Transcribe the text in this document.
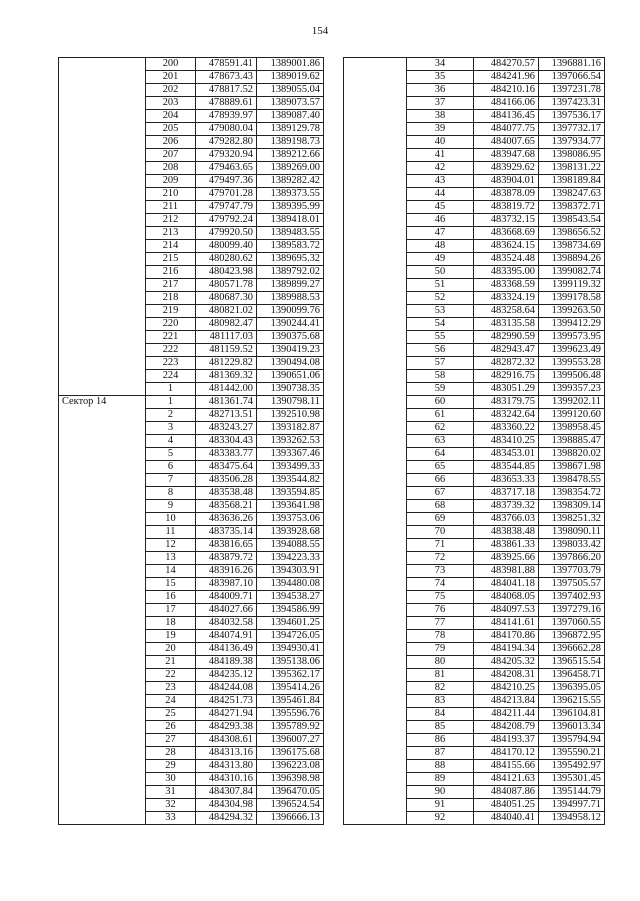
154
	200	478591.41	1389001.86
	201	478673.43	1389019.62
	202	478817.52	1389055.04
	203	478889.61	1389073.57
	204	478939.97	1389087.40
	205	479080.04	1389129.78
	206	479282.80	1389198.73
	207	479320.94	1389212.66
	208	479463.65	1389269.00
	209	479497.36	1389282.42
	210	479701.28	1389373.55
	211	479747.79	1389395.99
	212	479792.24	1389418.01
	213	479920.50	1389483.55
	214	480099.40	1389583.72
	215	480280.62	1389695.32
	216	480423.98	1389792.02
	217	480571.78	1389899.27
	218	480687.30	1389988.53
	219	480821.02	1390099.76
	220	480982.47	1390244.41
	221	481117.03	1390375.68
	222	481159.52	1390419.23
	223	481229.82	1390494.08
	224	481369.32	1390651.06
	1	481442.00	1390738.35
Сектор 14	1	481361.74	1390798.11
	2	482713.51	1392510.98
	3	483243.27	1393182.87
	4	483304.43	1393262.53
	5	483383.77	1393367.46
	6	483475.64	1393499.33
	7	483506.28	1393544.82
	8	483538.48	1393594.85
	9	483568.21	1393641.98
	10	483636.26	1393753.06
	11	483735.14	1393928.68
	12	483816.65	1394088.55
	13	483879.72	1394223.33
	14	483916.26	1394303.91
	15	483987.10	1394480.08
	16	484009.71	1394538.27
	17	484027.66	1394586.99
	18	484032.58	1394601.25
	19	484074.91	1394726.05
	20	484136.49	1394930.41
	21	484189.38	1395138.06
	22	484235.12	1395362.17
	23	484244.08	1395414.26
	24	484251.73	1395461.84
	25	484271.94	1395596.76
	26	484293.38	1395789.92
	27	484308.61	1396007.27
	28	484313.16	1396175.68
	29	484313.80	1396223.08
	30	484310.16	1396398.98
	31	484307.84	1396470.05
	32	484304.98	1396524.54
	33	484294.32	1396666.13
	34	484270.57	1396881.16
	35	484241.96	1397066.54
	36	484210.16	1397231.78
	37	484166.06	1397423.31
	38	484136.45	1397536.17
	39	484077.75	1397732.17
	40	484007.65	1397934.77
	41	483947.68	1398086.95
	42	483929.62	1398131.22
	43	483904.01	1398189.84
	44	483878.09	1398247.63
	45	483819.72	1398372.71
	46	483732.15	1398543.54
	47	483668.69	1398656.52
	48	483624.15	1398734.69
	49	483524.48	1398894.26
	50	483395.00	1399082.74
	51	483368.59	1399119.32
	52	483324.19	1399178.58
	53	483258.64	1399263.50
	54	483135.58	1399412.29
	55	482990.59	1399573.95
	56	482943.47	1399623.49
	57	482872.32	1399553.28
	58	482916.75	1399506.48
	59	483051.29	1399357.23
	60	483179.75	1399202.11
	61	483242.64	1399120.60
	62	483360.22	1398958.45
	63	483410.25	1398885.47
	64	483453.01	1398820.02
	65	483544.85	1398671.98
	66	483653.33	1398478.55
	67	483717.18	1398354.72
	68	483739.32	1398309.14
	69	483766.03	1398251.32
	70	483838.48	1398090.11
	71	483861.33	1398033.42
	72	483925.66	1397866.20
	73	483981.88	1397703.79
	74	484041.18	1397505.57
	75	484068.05	1397402.93
	76	484097.53	1397279.16
	77	484141.61	1397060.55
	78	484170.86	1396872.95
	79	484194.34	1396662.28
	80	484205.32	1396515.54
	81	484208.31	1396458.71
	82	484210.25	1396395.05
	83	484213.84	1396215.55
	84	484211.44	1396104.81
	85	484208.79	1396013.34
	86	484193.37	1395794.94
	87	484170.12	1395590.21
	88	484155.66	1395492.97
	89	484121.63	1395301.45
	90	484087.86	1395144.79
	91	484051.25	1394997.71
	92	484040.41	1394958.12
